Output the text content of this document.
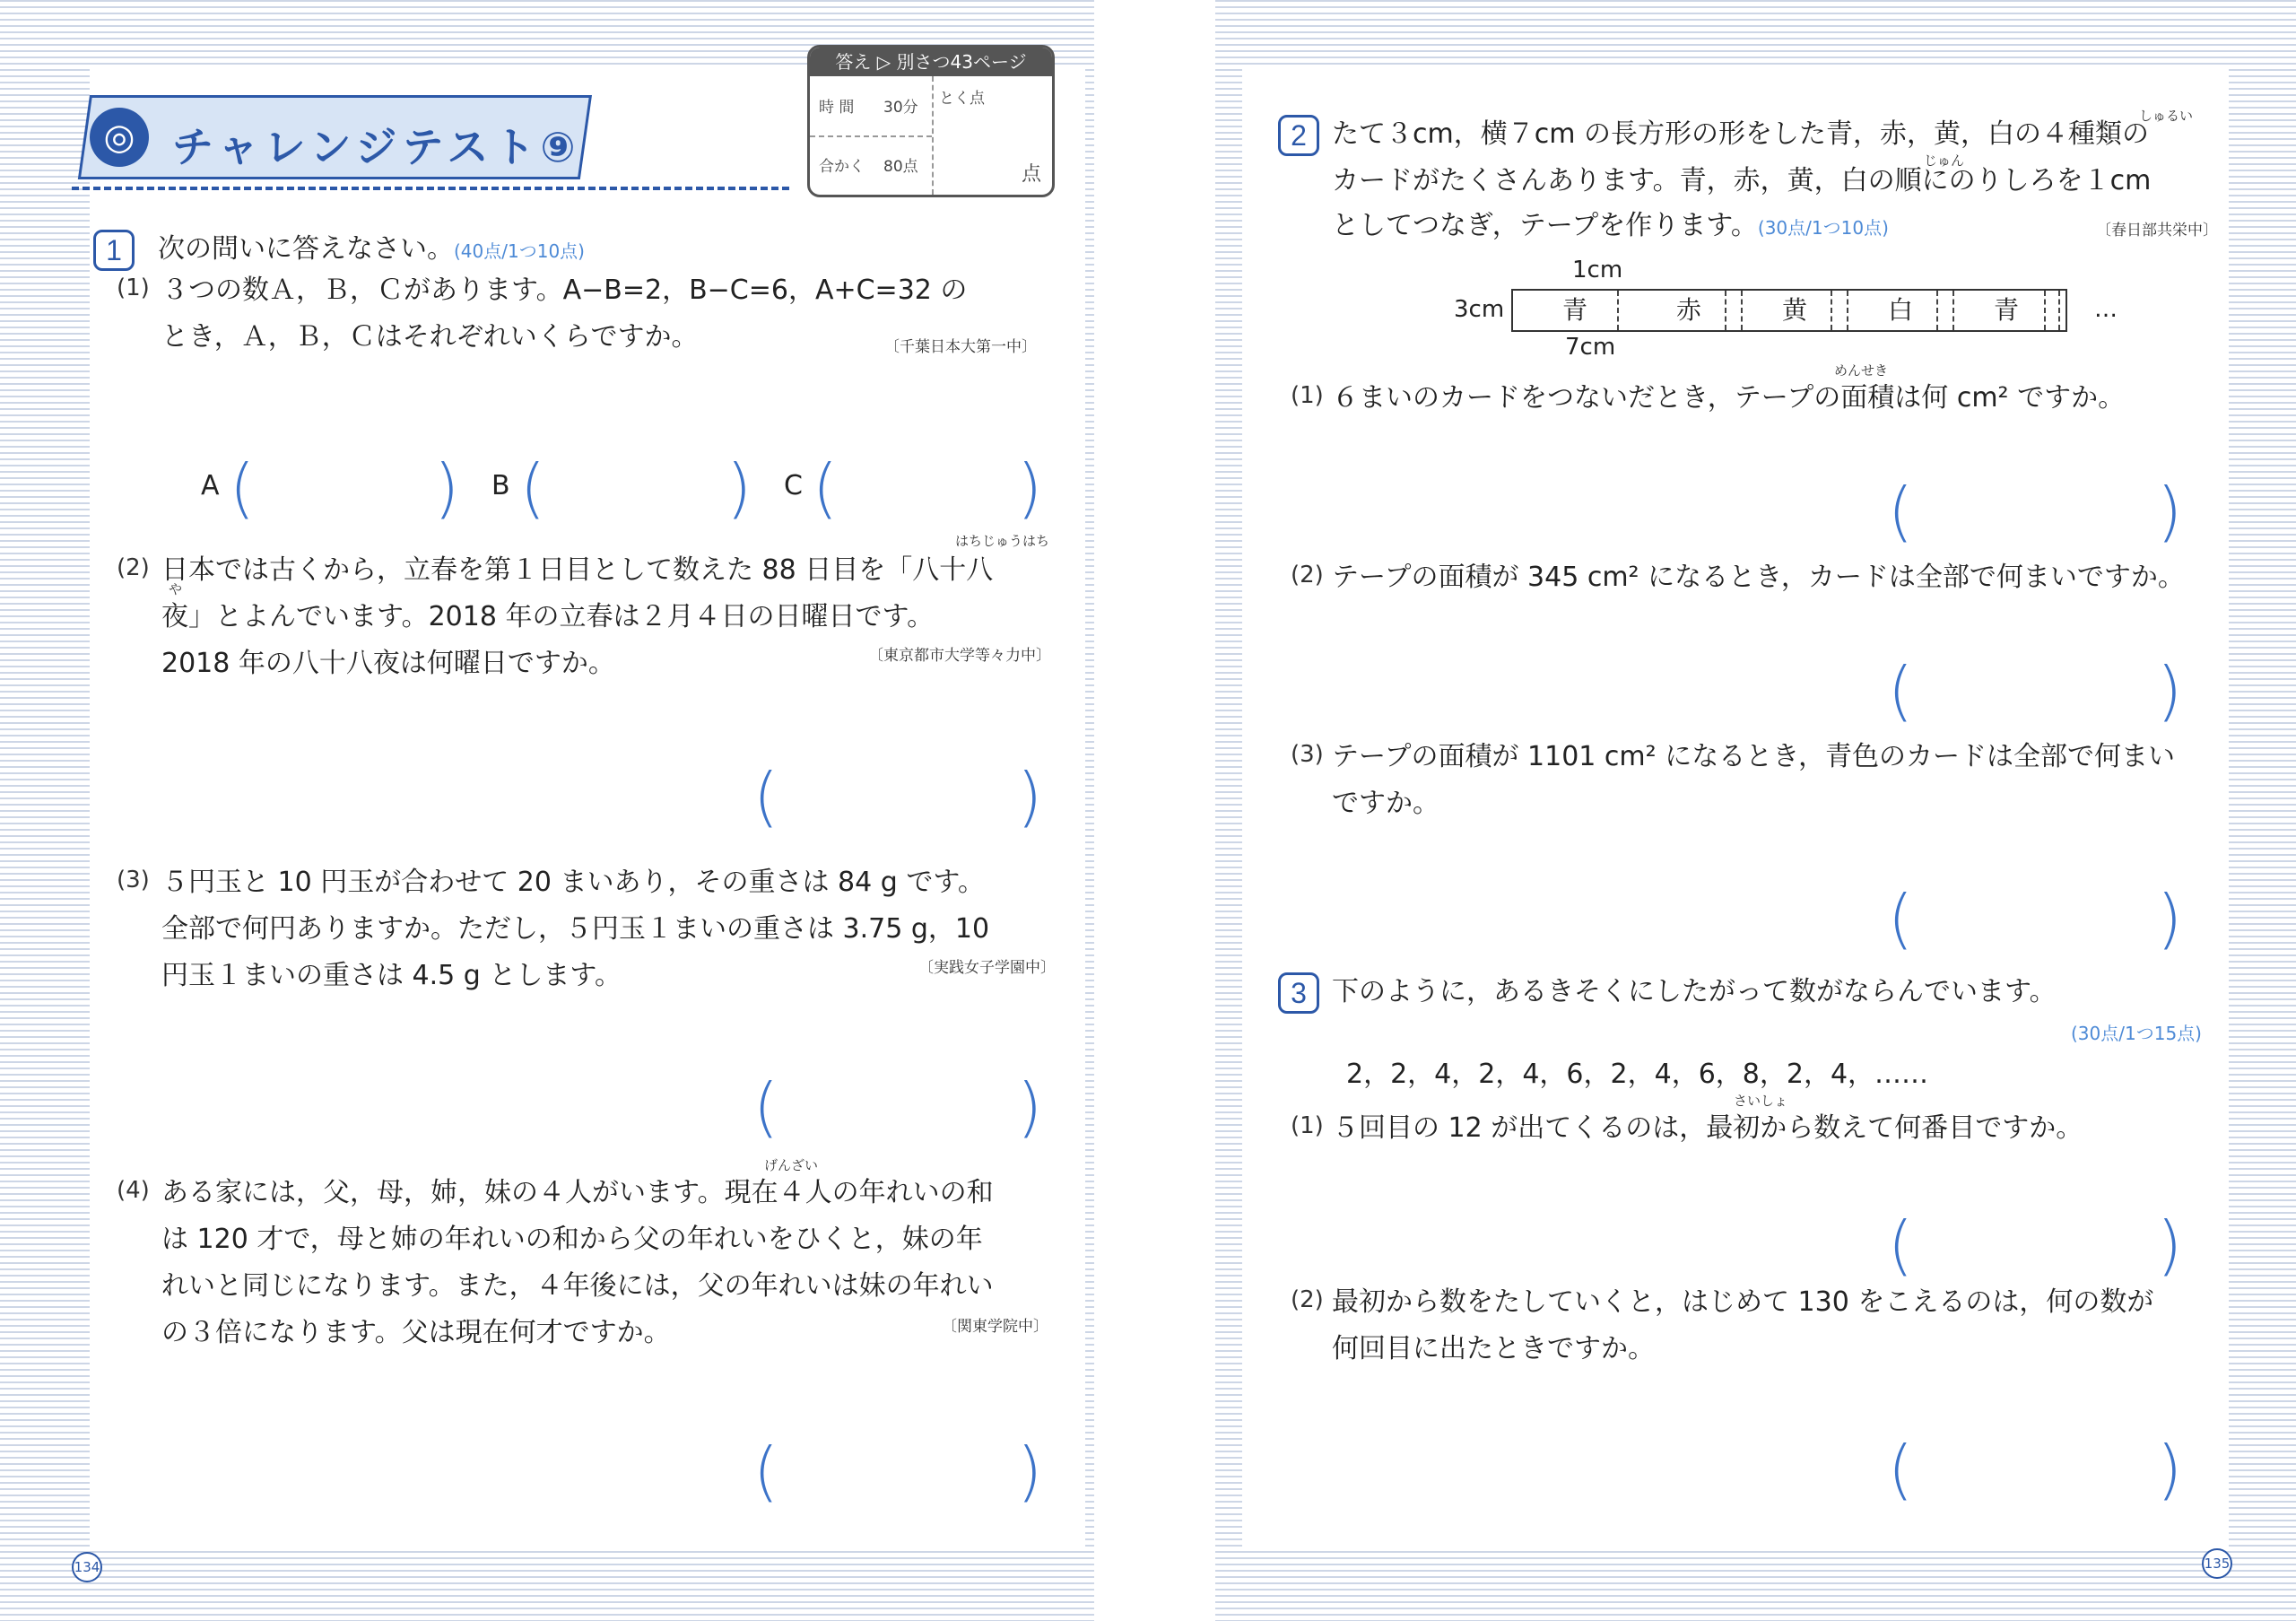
◎ チャレンジテスト⑨
答え ▷ 別さつ43ページ
時 間 30分
合かく 80点
とく点
点
1	次の問いに答えなさい。(40点/1つ10点)
(1) ３つの数Ａ，Ｂ，Ｃがあります。A−B=2，B−C=6，A+C=32 の
とき，Ａ，Ｂ，Ｃはそれぞれいくらですか。	〔千葉日本大第一中〕
A (	) B (	) C (	)
はちじゅうはち
(2) 日本では古くから，立春を第１日目として数えた 88 日目を「八十八
や
夜」とよんでいます。2018 年の立春は２月４日の日曜日です。
2018 年の八十八夜は何曜日ですか。	〔東京都市大学等々力中〕
(	)
(3) ５円玉と 10 円玉が合わせて 20 まいあり，その重さは 84 g です。
全部で何円ありますか。ただし，５円玉１まいの重さは 3.75 g，10
円玉１まいの重さは 4.5 g とします。	〔実践女子学園中〕
(	)
げんざい
(4) ある家には，父，母，姉，妹の４人がいます。現在４人の年れいの和
は 120 才で，母と姉の年れいの和から父の年れいをひくと，妹の年
れいと同じになります。また，４年後には，父の年れいは妹の年れい
の３倍になります。父は現在何才ですか。	〔関東学院中〕
(	)
134
しゅるい
2 たて３cm，横７cm の長方形の形をした青，赤，黄，白の４種類の
じゅん
カードがたくさんあります。青，赤，黄，白の順にのりしろを１cm
としてつなぎ，テープを作ります。(30点/1つ10点)	〔春日部共栄中〕
1cm
3cm	青	赤	黄	白	青	…
7cm
めんせき
(1) ６まいのカードをつないだとき，テープの面積は何 cm² ですか。
(	)
(2) テープの面積が 345 cm² になるとき，カードは全部で何まいですか。
(	)
(3) テープの面積が 1101 cm² になるとき，青色のカードは全部で何まい
ですか。
(	)
3 下のように，あるきそくにしたがって数がならんでいます。
(30点/1つ15点)
2，2，4，2，4，6，2，4，6，8，2，4，……
さいしょ
(1) ５回目の 12 が出てくるのは，最初から数えて何番目ですか。
(	)
(2) 最初から数をたしていくと，はじめて 130 をこえるのは，何の数が
何回目に出たときですか。
(	)
135
